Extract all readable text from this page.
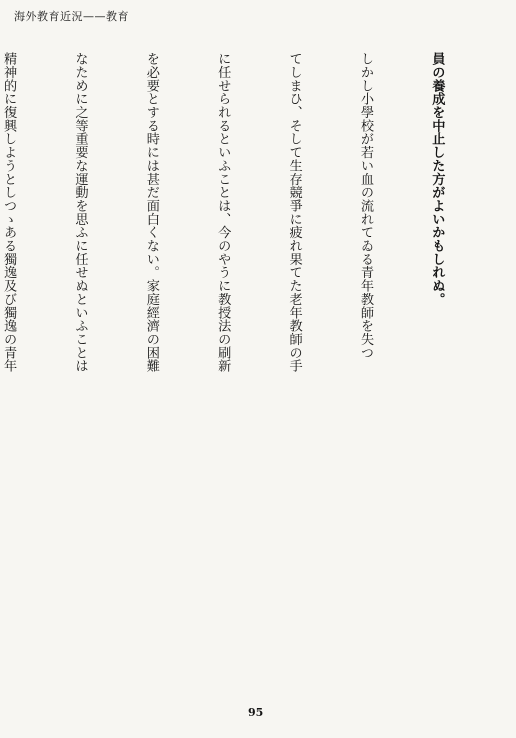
海外教育近況——教育

員の養成を中止した方がよいかもしれぬ。

しかし小學校が若い血の流れてゐる青年教師を失つ

てしまひ、そして生存競爭に疲れ果てた老年教師の手

に任せられるといふことは、今のやうに教授法の刷新

を必要とする時には甚だ面白くない。家庭經濟の困難

なために之等重要な運動を思ふに任せぬといふことは

精神的に復興しようとしつゝある獨逸及び獨逸の青年

95
